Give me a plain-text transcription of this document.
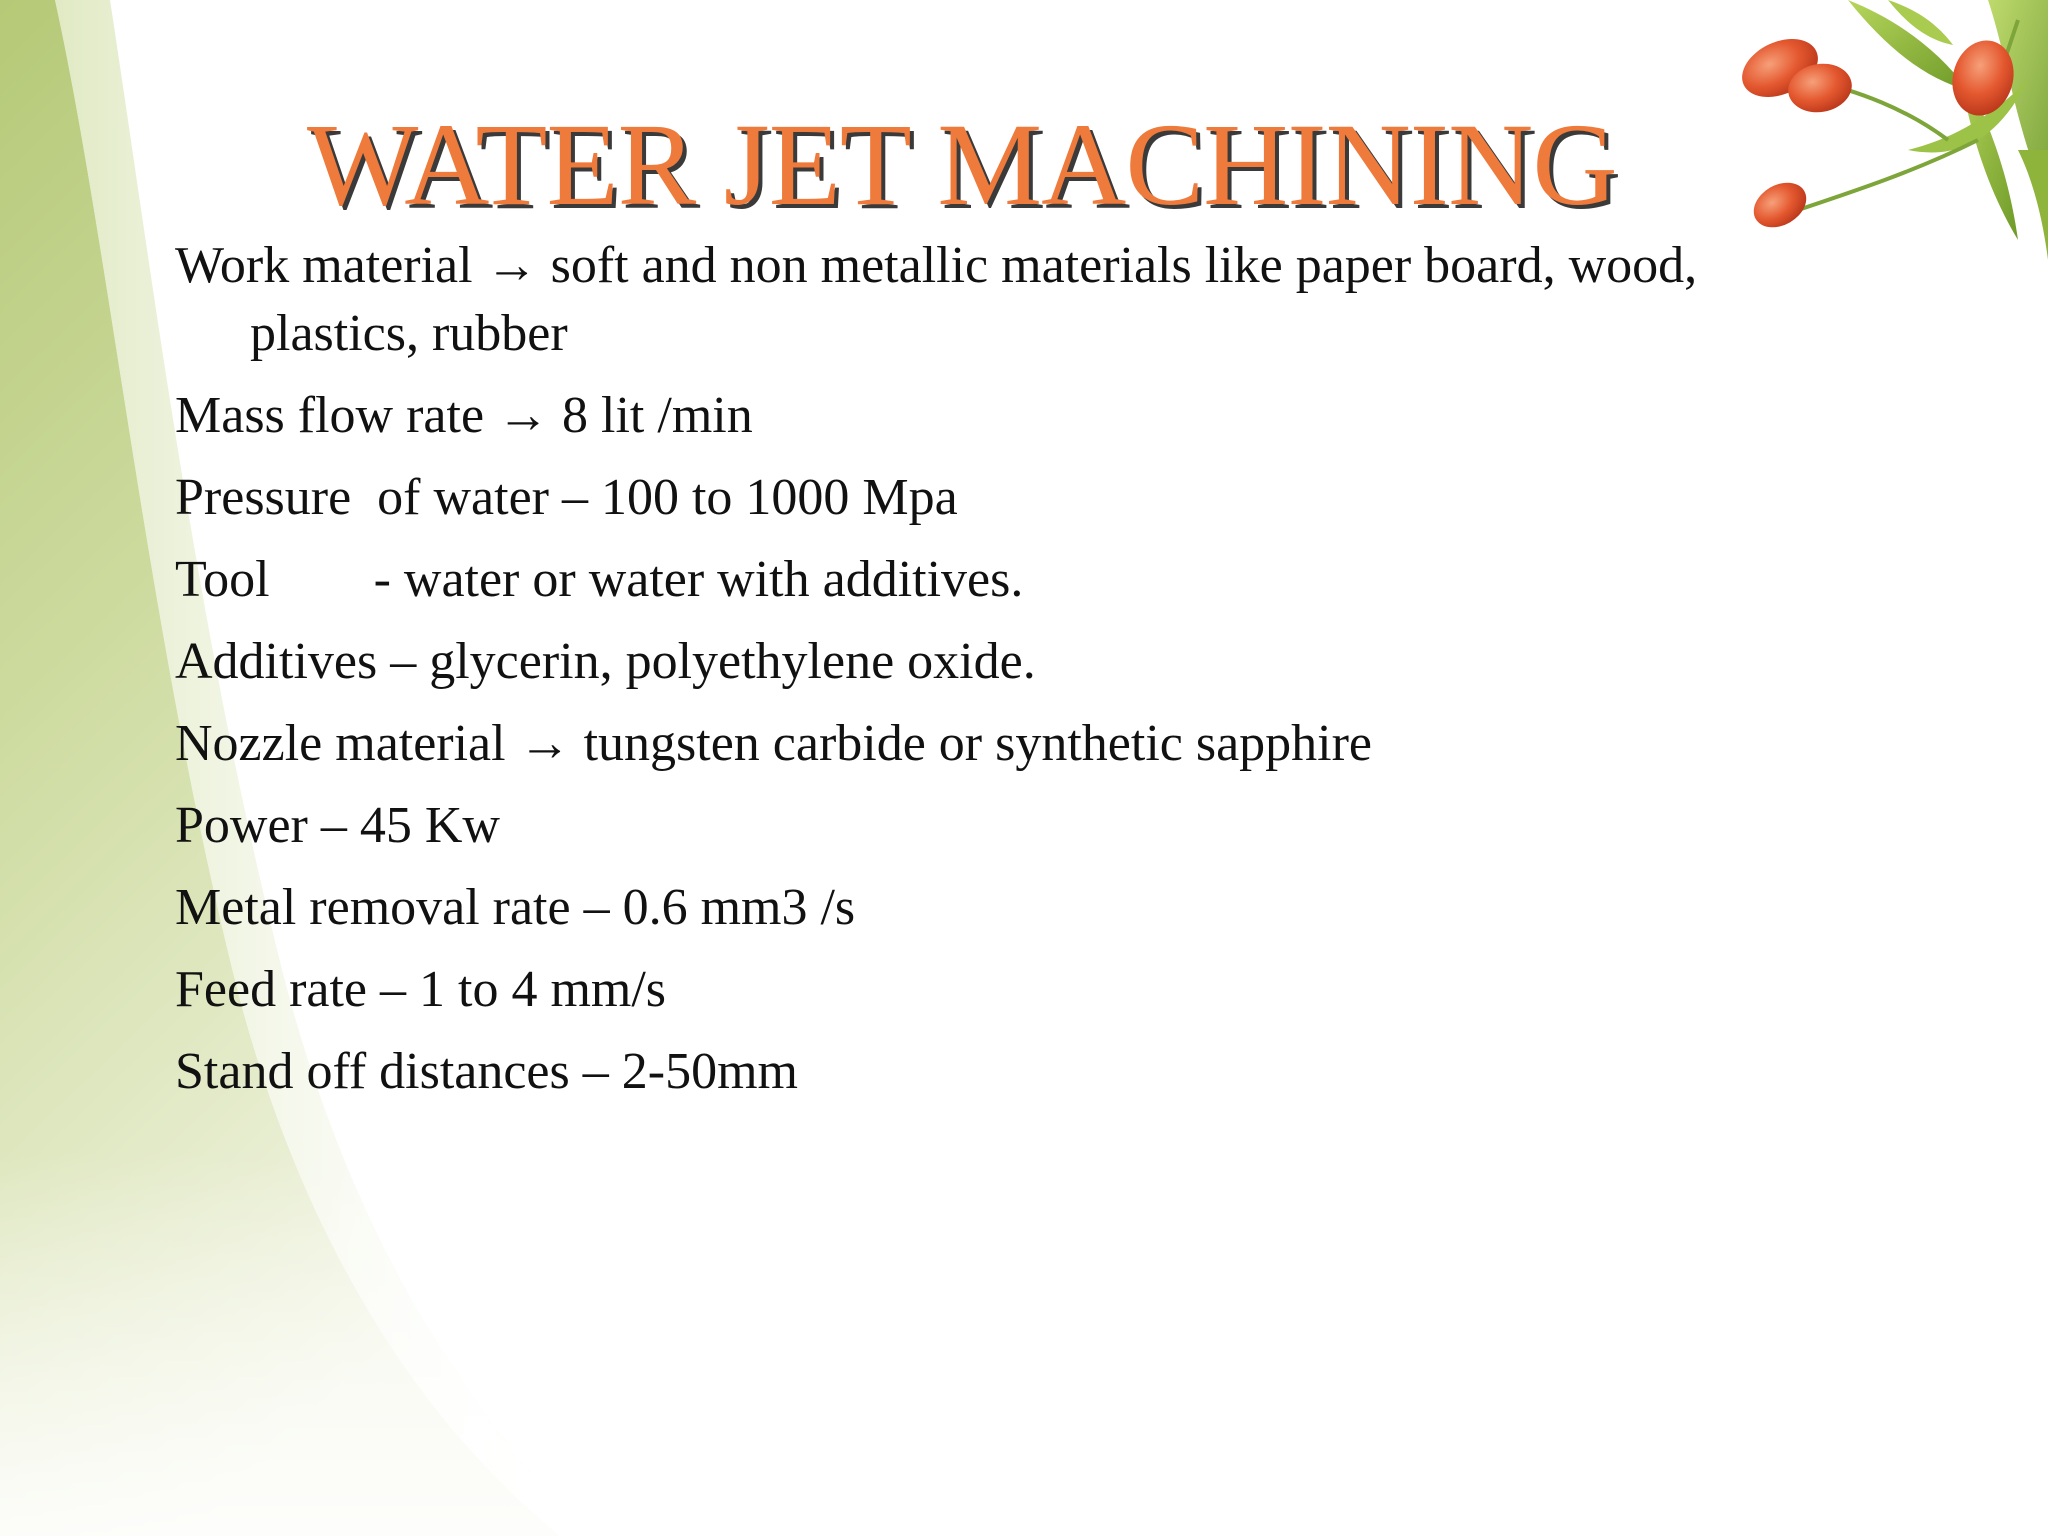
WATER JET MACHINING
Work material → soft and non metallic materials like paper board, wood, plastics, rubber
Mass flow rate → 8 lit /min
Pressure  of water – 100 to 1000 Mpa
Tool        - water or water with additives.
Additives – glycerin, polyethylene oxide.
Nozzle material → tungsten carbide or synthetic sapphire
Power – 45 Kw
Metal removal rate – 0.6 mm3 /s
Feed rate – 1 to 4 mm/s
Stand off distances – 2-50mm
